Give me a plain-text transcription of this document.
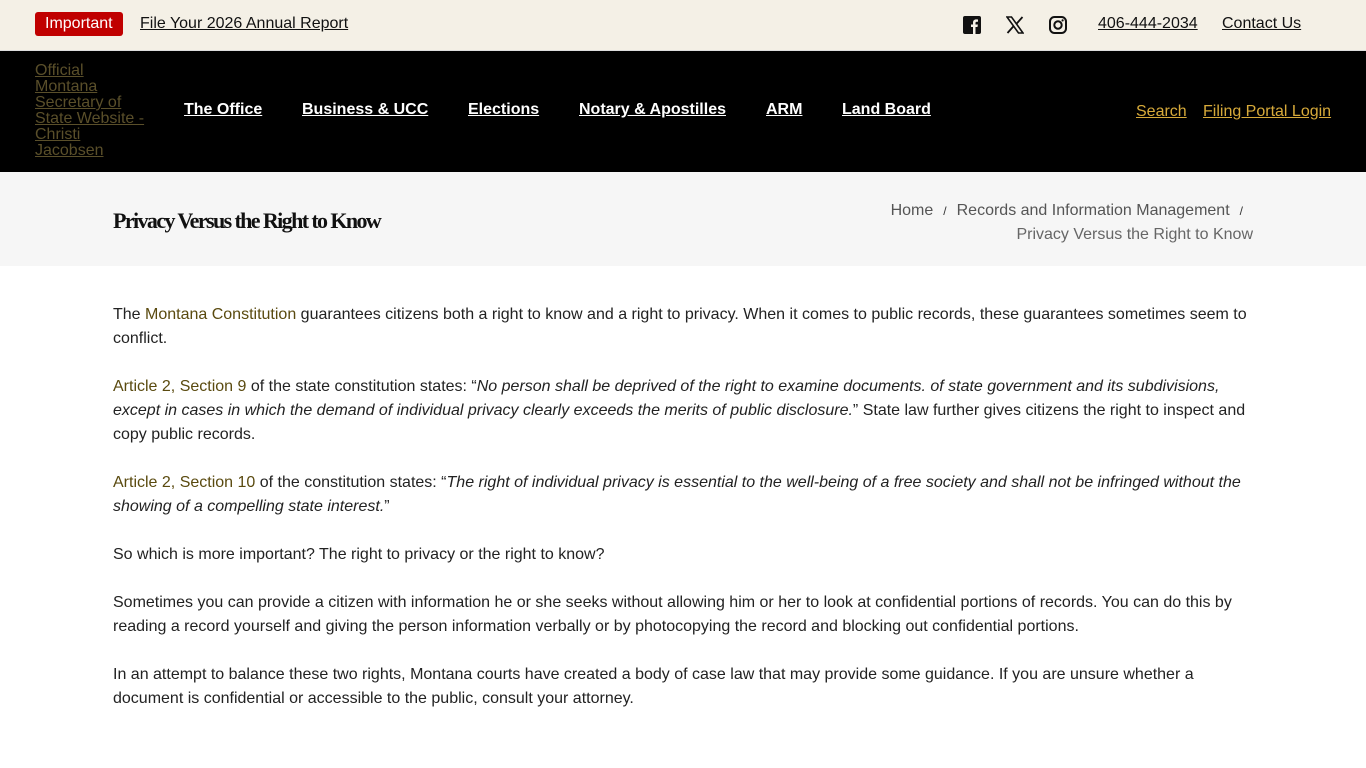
Important	File Your 2026 Annual Report	406-444-2034 Contact Us
Official Montana Secretary of State Website - Christi Jacobsen
The Office Business & UCC Elections Notary & Apostilles	ARM Land Board	Search Filing Portal Login
Privacy Versus the Right to Know	Home / Records and Information Management /
Privacy Versus the Right to Know

The Montana Constitution guarantees citizens both a right to know and a right to privacy. When it comes to public records, these guarantees sometimes seem to conflict.

Article 2, Section 9 of the state constitution states: “No person shall be deprived of the right to examine documents. of state government and its subdivisions, except in cases in which the demand of individual privacy clearly exceeds the merits of public disclosure.” State law further gives citizens the right to inspect and copy public records.

Article 2, Section 10 of the constitution states: “The right of individual privacy is essential to the well-being of a free society and shall not be infringed without the showing of a compelling state interest.”

So which is more important? The right to privacy or the right to know?

Sometimes you can provide a citizen with information he or she seeks without allowing him or her to look at confidential portions of records. You can do this by reading a record yourself and giving the person information verbally or by photocopying the record and blocking out confidential portions.

In an attempt to balance these two rights, Montana courts have created a body of case law that may provide some guidance. If you are unsure whether a document is confidential or accessible to the public, consult your attorney.
